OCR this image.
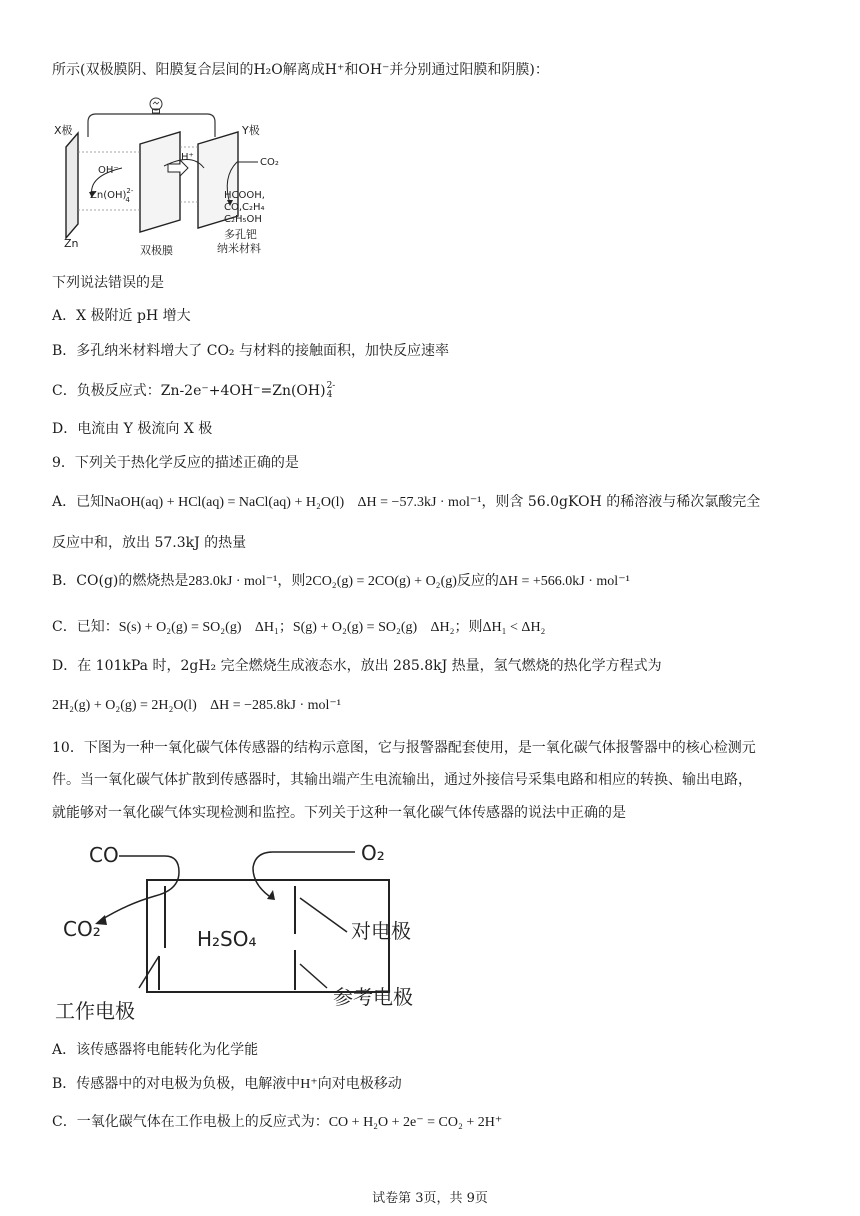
所示(双极膜阴、阳膜复合层间的H₂O解离成H⁺和OH⁻并分别通过阳膜和阴膜)：
X极	Y极
OH⁻
H⁺
Zn(OH)$^{2-}$4
CO₂
HCOOH,
CO,C₂H₄
C₂H₅OH
Zn
双极膜
多孔钯
纳米材料
下列说法错误的是
A．X 极附近 pH 增大
B．多孔纳米材料增大了 CO₂ 与材料的接触面积，加快反应速率
C．负极反应式：Zn-2e⁻+4OH⁻=Zn(OH) 2-
4
D．电流由 Y 极流向 X 极
9．下列关于热化学反应的描述正确的是
A．已知NaOH(aq) + HCl(aq) = NaCl(aq) + H₂O(l) ΔH = −57.3kJ · mol⁻¹，则含 56.0gKOH 的稀溶液与稀次氯酸完全
反应中和，放出 57.3kJ 的热量
B．CO(g)的燃烧热是283.0kJ · mol⁻¹，则2CO₂(g) = 2CO(g) + O₂(g)反应的ΔH = +566.0kJ · mol⁻¹
C．已知：S(s) + O₂(g) = SO₂(g) ΔH₁；S(g) + O₂(g) = SO₂(g) ΔH₂；则ΔH₁ < ΔH₂
D．在 101kPa 时，2gH₂ 完全燃烧生成液态水，放出 285.8kJ 热量，氢气燃烧的热化学方程式为
2H₂(g) + O₂(g) = 2H₂O(l) ΔH = −285.8kJ · mol⁻¹
10．下图为一种一氧化碳气体传感器的结构示意图，它与报警器配套使用，是一氧化碳气体报警器中的核心检测元
件。当一氧化碳气体扩散到传感器时，其输出端产生电流输出，通过外接信号采集电路和相应的转换、输出电路，
就能够对一氧化碳气体实现检测和监控。下列关于这种一氧化碳气体传感器的说法中正确的是
CO	O₂
CO₂	H₂SO₄	对电极
参考电极
工作电极
A．该传感器将电能转化为化学能
B．传感器中的对电极为负极，电解液中H⁺向对电极移动
C．一氧化碳气体在工作电极上的反应式为：CO + H₂O + 2e⁻ = CO₂ + 2H⁺
试卷第 3页，共 9页
